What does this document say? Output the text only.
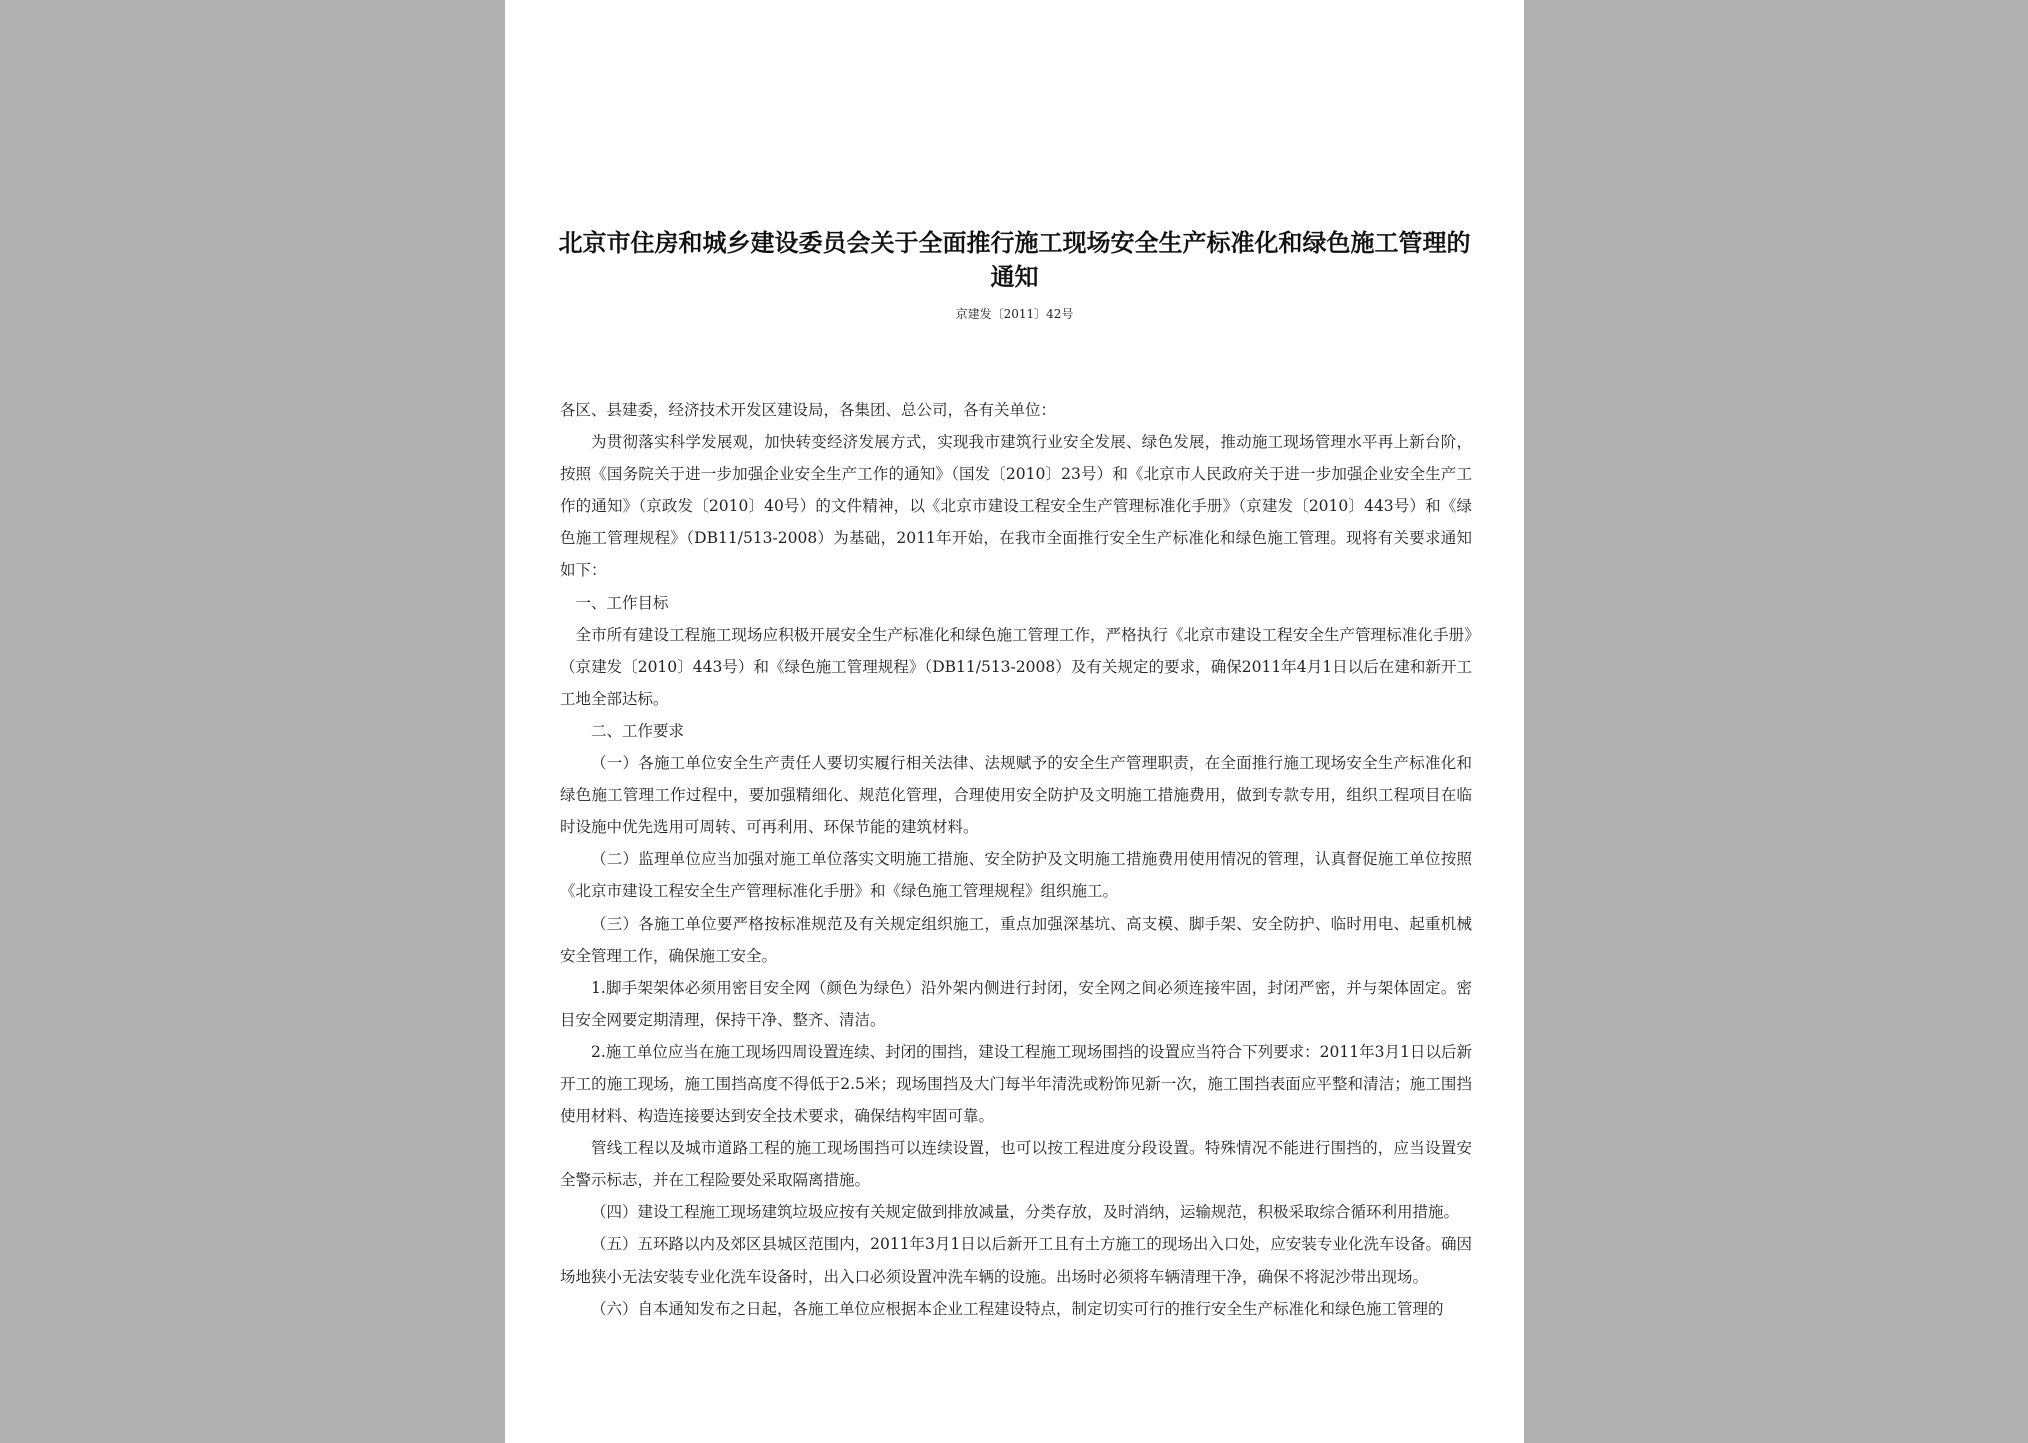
北京市住房和城乡建设委员会关于全面推行施工现场安全生产标准化和绿色施工管理的通知
京建发〔2011〕42号

各区、县建委，经济技术开发区建设局，各集团、总公司，各有关单位：

为贯彻落实科学发展观，加快转变经济发展方式，实现我市建筑行业安全发展、绿色发展，推动施工现场管理水平再上新台阶，按照《国务院关于进一步加强企业安全生产工作的通知》（国发〔2010〕23号）和《北京市人民政府关于进一步加强企业安全生产工作的通知》（京政发〔2010〕40号）的文件精神，以《北京市建设工程安全生产管理标准化手册》（京建发〔2010〕443号）和《绿色施工管理规程》（DB11/513-2008）为基础，2011年开始，在我市全面推行安全生产标准化和绿色施工管理。现将有关要求通知如下：

一、工作目标

全市所有建设工程施工现场应积极开展安全生产标准化和绿色施工管理工作，严格执行《北京市建设工程安全生产管理标准化手册》（京建发〔2010〕443号）和《绿色施工管理规程》（DB11/513-2008）及有关规定的要求，确保2011年4月1日以后在建和新开工工地全部达标。

二、工作要求

（一）各施工单位安全生产责任人要切实履行相关法律、法规赋予的安全生产管理职责，在全面推行施工现场安全生产标准化和绿色施工管理工作过程中，要加强精细化、规范化管理，合理使用安全防护及文明施工措施费用，做到专款专用，组织工程项目在临时设施中优先选用可周转、可再利用、环保节能的建筑材料。

（二）监理单位应当加强对施工单位落实文明施工措施、安全防护及文明施工措施费用使用情况的管理，认真督促施工单位按照《北京市建设工程安全生产管理标准化手册》和《绿色施工管理规程》组织施工。

（三）各施工单位要严格按标准规范及有关规定组织施工，重点加强深基坑、高支模、脚手架、安全防护、临时用电、起重机械安全管理工作，确保施工安全。

1.脚手架架体必须用密目安全网（颜色为绿色）沿外架内侧进行封闭，安全网之间必须连接牢固，封闭严密，并与架体固定。密目安全网要定期清理，保持干净、整齐、清洁。

2.施工单位应当在施工现场四周设置连续、封闭的围挡，建设工程施工现场围挡的设置应当符合下列要求：2011年3月1日以后新开工的施工现场，施工围挡高度不得低于2.5米；现场围挡及大门每半年清洗或粉饰见新一次，施工围挡表面应平整和清洁；施工围挡使用材料、构造连接要达到安全技术要求，确保结构牢固可靠。

管线工程以及城市道路工程的施工现场围挡可以连续设置，也可以按工程进度分段设置。特殊情况不能进行围挡的，应当设置安全警示标志，并在工程险要处采取隔离措施。

（四）建设工程施工现场建筑垃圾应按有关规定做到排放减量，分类存放，及时消纳，运输规范，积极采取综合循环利用措施。

（五）五环路以内及郊区县城区范围内，2011年3月1日以后新开工且有土方施工的现场出入口处，应安装专业化洗车设备。确因场地狭小无法安装专业化洗车设备时，出入口必须设置冲洗车辆的设施。出场时必须将车辆清理干净，确保不将泥沙带出现场。

（六）自本通知发布之日起，各施工单位应根据本企业工程建设特点，制定切实可行的推行安全生产标准化和绿色施工管理的
